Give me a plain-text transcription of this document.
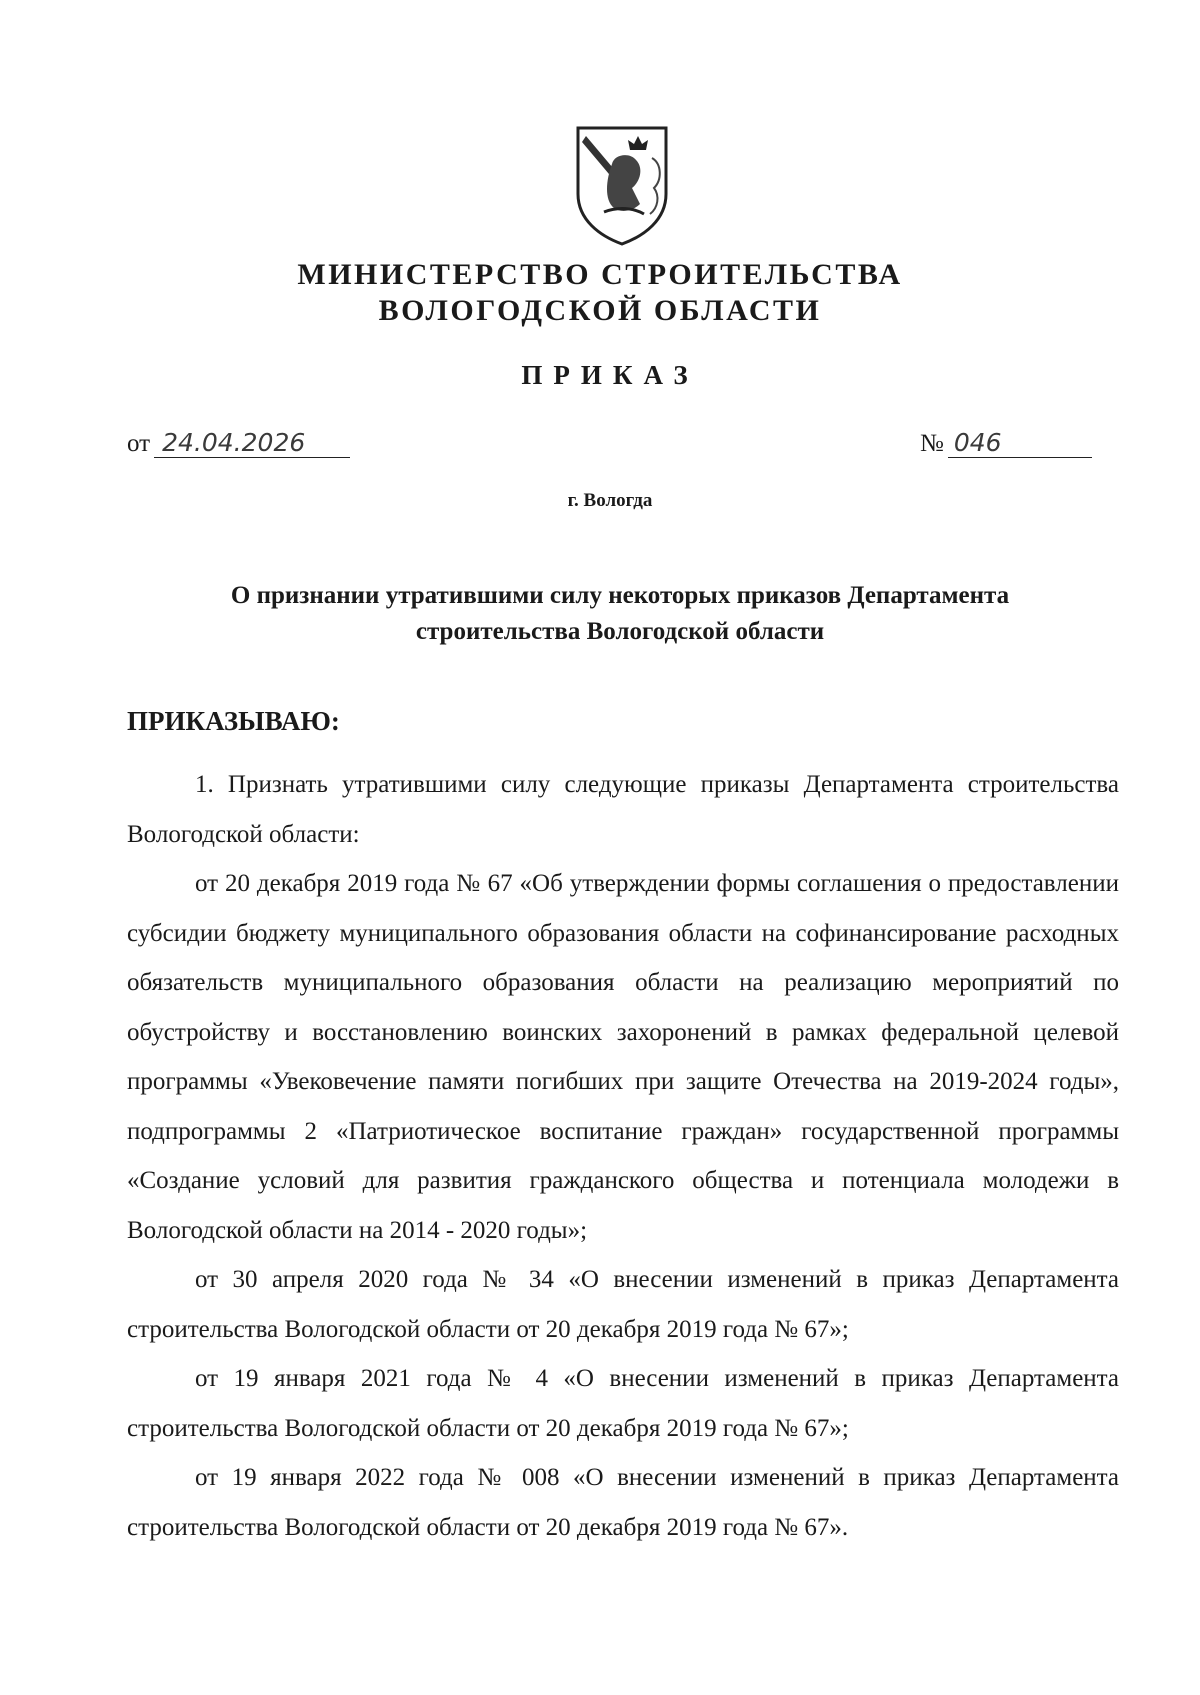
МИНИСТЕРСТВО СТРОИТЕЛЬСТВА
ВОЛОГОДСКОЙ ОБЛАСТИ
ПРИКАЗ
от 24.04.2026	№ 046
г. Вологда
О признании утратившими силу некоторых приказов Департамента строительства Вологодской области
ПРИКАЗЫВАЮ:

1. Признать утратившими силу следующие приказы Департамента строительства Вологодской области:

от 20 декабря 2019 года № 67 «Об утверждении формы соглашения о предоставлении субсидии бюджету муниципального образования области на софинансирование расходных обязательств муниципального образования области на реализацию мероприятий по обустройству и восстановлению воинских захоронений в рамках федеральной целевой программы «Увековечение памяти погибших при защите Отечества на 2019-2024 годы», подпрограммы 2 «Патриотическое воспитание граждан» государственной программы «Создание условий для развития гражданского общества и потенциала молодежи в Вологодской области на 2014 - 2020 годы»;

от 30 апреля 2020 года № 34 «О внесении изменений в приказ Департамента строительства Вологодской области от 20 декабря 2019 года № 67»;

от 19 января 2021 года № 4 «О внесении изменений в приказ Департамента строительства Вологодской области от 20 декабря 2019 года № 67»;

от 19 января 2022 года № 008 «О внесении изменений в приказ Департамента строительства Вологодской области от 20 декабря 2019 года № 67».
